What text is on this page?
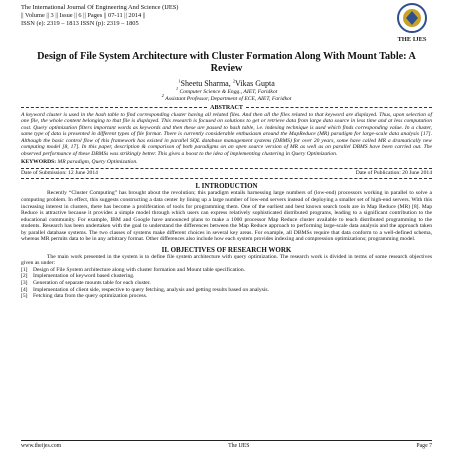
The International Journal Of Engineering And Science (IJES)
|| Volume || 3 || Issue || 6 || Pages || 07-11 || 2014 ||
ISSN (e): 2319 – 1813 ISSN (p): 2319 – 1805
THE IJES
Design of File System Architecture with Cluster Formation Along With Mount Table: A Review
$^1$Sheetu Sharma, $^2$Vikas Gupta
$^1$ Computer Science & Engg., AIET, Faridkot
$^2$ Assistant Professor, Department of ECE, AIET, Faridkot
ABSTRACT
A keyword cluster is used in the hash table to find corresponding cluster having all related files. And then all the files related to that keyword are displayed. Thus, upon selection of one file, the whole content belonging to that file is displayed. This research is focused on solutions to get or retrieve data from large data source in less time and at less computation cost. Query optimization filters important words as keywords and then these are passed to hash table, i.e. indexing technique is used which finds corresponding value. In a cluster, same type of data is presented in different types of file format. There is currently considerable enthusiasm around the MapReduce (MR) paradigm for large-scale data analysis [17]. Although the basic control flow of this framework has existed in parallel SQL database management systems (DBMS) for over 20 years, some have called MR a dramatically new computing model [8, 17]. In this paper, description & comparison of both paradigms on an open source version of MR as well as on parallel DBMS have been carried out. The observed performance of these DBMSs was strikingly better. This gives a boost to the idea of implementing clustering in Query Optimization.
KEYWORDS: MR paradigm, Query Optimization.
Date of Submission: 12 June 2014	Date of Publication: 20 June 2014
I. INTRODUCTION
Recently “Cluster Computing” has brought about the revolution; this paradigm entails harnessing large numbers of (low-end) processors working in parallel to solve a computing problem. In effect, this suggests constructing a data center by lining up a large number of low-end servers instead of deploying a smaller set of high-end servers. With this increasing interest in clusters, there has become a proliferation of tools for programming them. One of the earliest and best known search tools are in Map Reduce (MR) [8]. Map Reduce is attractive because it provides a simple model through which users can express relatively sophisticated distributed programs, leading to a significant contribution to the educational community. For example, IBM and Google have announced plans to make a 1000 processor Map Reduce cluster available to teach distributed programming to the students. Research has been undertaken with the goal to understand the differences between the Map Reduce approach to performing large-scale data analysis and the approach taken by parallel database systems. The two classes of systems make different choices in several key areas. For example, all DBMSs require that data conform to a well-defined schema, whereas MR permits data to be in any arbitrary format. Other differences also include how each system provides indexing and compression optimizations; programming model.
II. OBJECTIVES OF RESEARCH WORK
The main work presented in the system is to define file system architecture with query optimization. The research work is divided in terms of some research objectives given as under:
[1] Design of File System architecture along with cluster formation and Mount table specification.
[2] Implementation of keyword based clustering.
[3] Generation of separate mounts table for each cluster.
[4] Implementation of client side, respective to query fetching, analysis and getting results based on analysis.
[5] Fetching data from the query optimization process.
www.theijes.com	The IJES	Page 7
